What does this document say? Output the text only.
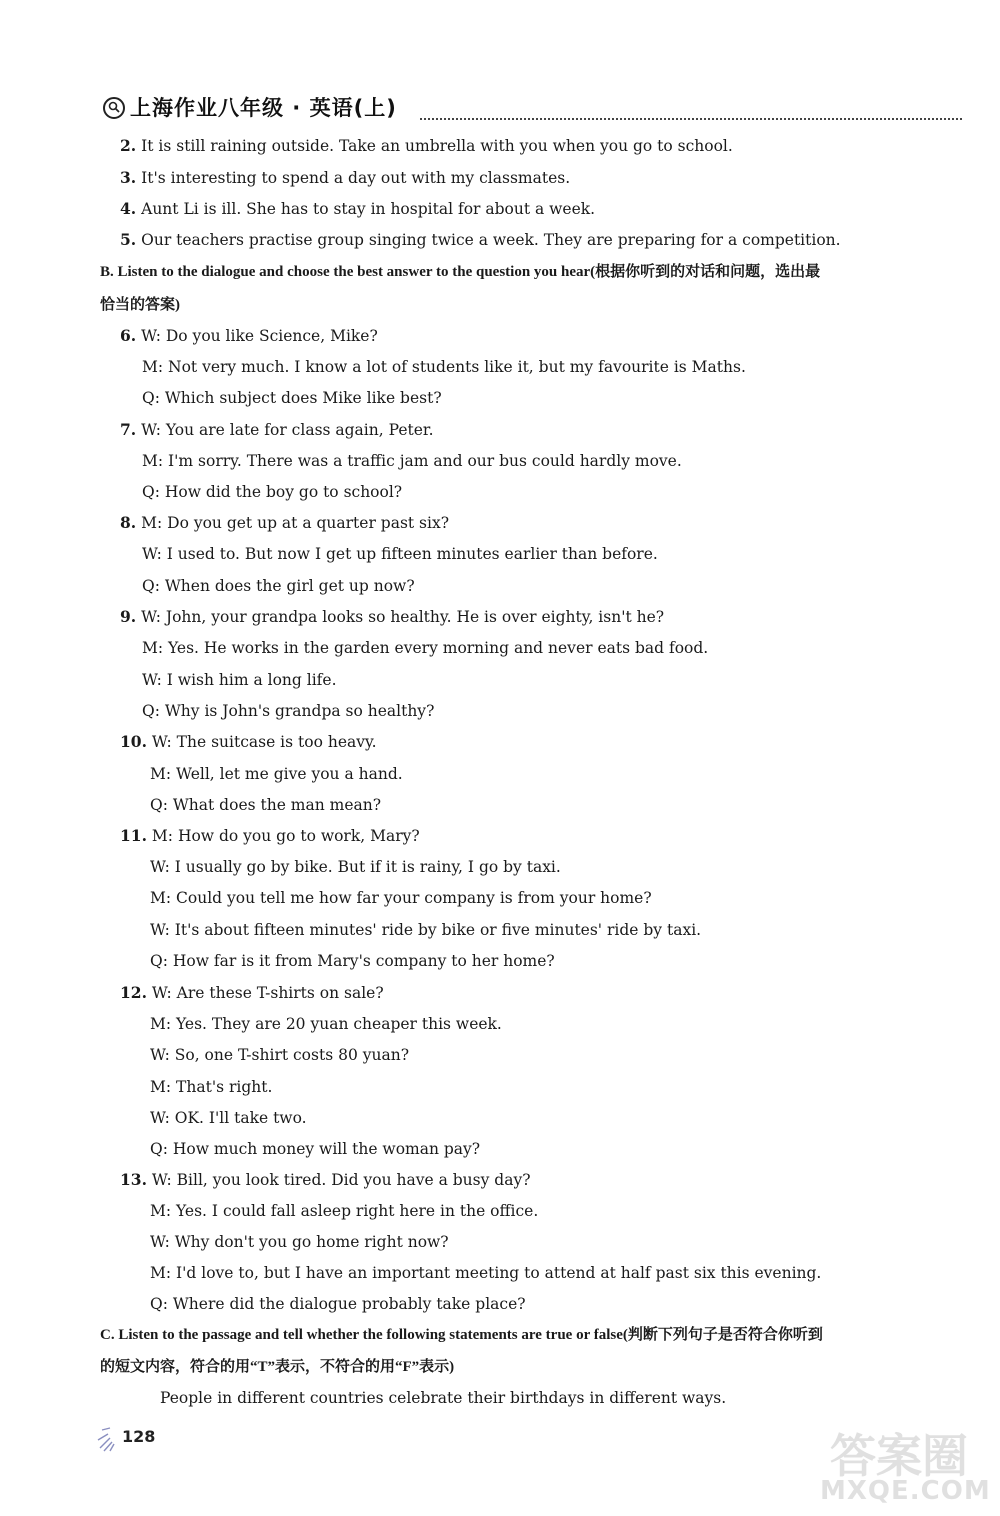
上海作业八年级 · 英语(上)
2. It is still raining outside. Take an umbrella with you when you go to school.
3. It's interesting to spend a day out with my classmates.
4. Aunt Li is ill. She has to stay in hospital for about a week.
5. Our teachers practise group singing twice a week. They are preparing for a competition.
B. Listen to the dialogue and choose the best answer to the question you hear(根据你听到的对话和问题，选出最
恰当的答案)
6. W: Do you like Science, Mike?
M: Not very much. I know a lot of students like it, but my favourite is Maths.
Q: Which subject does Mike like best?
7. W: You are late for class again, Peter.
M: I'm sorry. There was a traffic jam and our bus could hardly move.
Q: How did the boy go to school?
8. M: Do you get up at a quarter past six?
W: I used to. But now I get up fifteen minutes earlier than before.
Q: When does the girl get up now?
9. W: John, your grandpa looks so healthy. He is over eighty, isn't he?
M: Yes. He works in the garden every morning and never eats bad food.
W: I wish him a long life.
Q: Why is John's grandpa so healthy?
10. W: The suitcase is too heavy.
M: Well, let me give you a hand.
Q: What does the man mean?
11. M: How do you go to work, Mary?
W: I usually go by bike. But if it is rainy, I go by taxi.
M: Could you tell me how far your company is from your home?
W: It's about fifteen minutes' ride by bike or five minutes' ride by taxi.
Q: How far is it from Mary's company to her home?
12. W: Are these T-shirts on sale?
M: Yes. They are 20 yuan cheaper this week.
W: So, one T-shirt costs 80 yuan?
M: That's right.
W: OK. I'll take two.
Q: How much money will the woman pay?
13. W: Bill, you look tired. Did you have a busy day?
M: Yes. I could fall asleep right here in the office.
W: Why don't you go home right now?
M: I'd love to, but I have an important meeting to attend at half past six this evening.
Q: Where did the dialogue probably take place?
C. Listen to the passage and tell whether the following statements are true or false(判断下列句子是否符合你听到
的短文内容，符合的用“T”表示，不符合的用“F”表示)
People in different countries celebrate their birthdays in different ways.
128	答案圈
MXQE.COM
